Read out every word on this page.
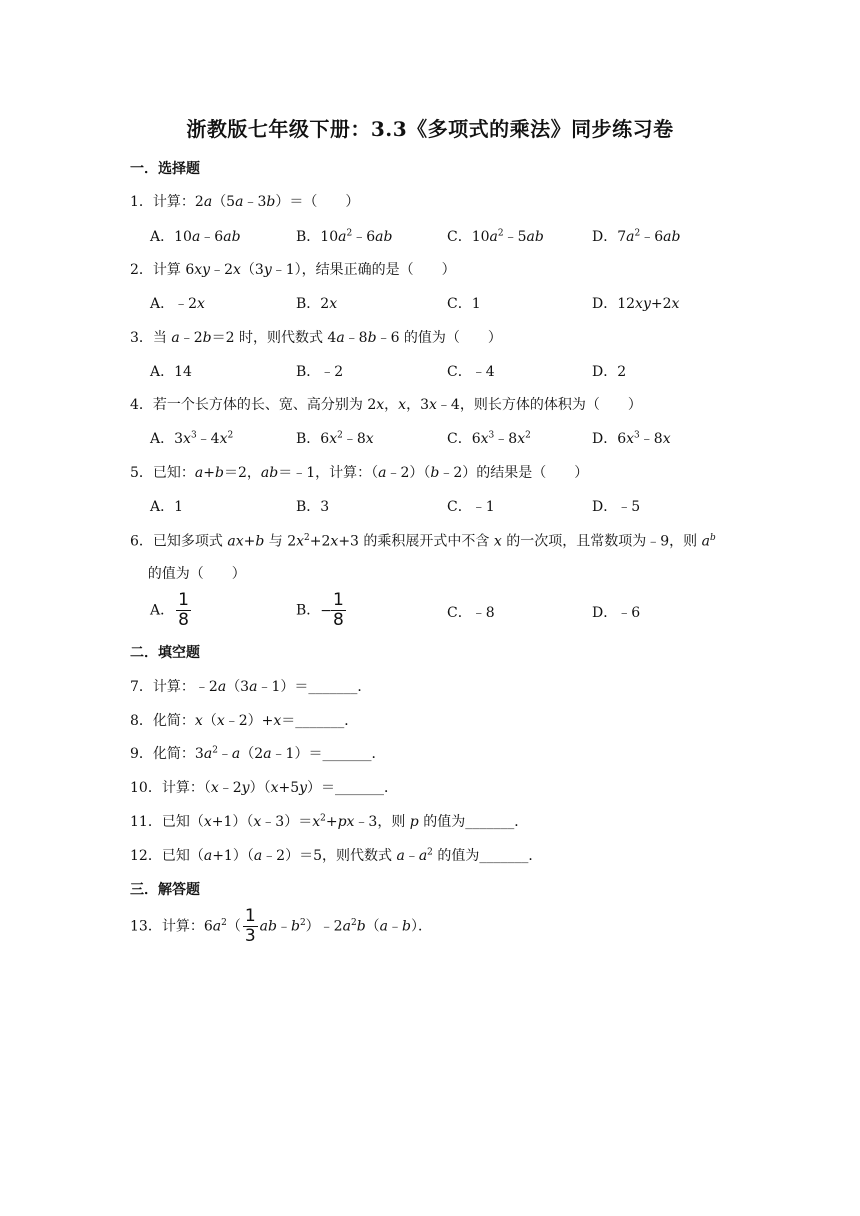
浙教版七年级下册：3.3《多项式的乘法》同步练习卷
一．选择题
1．计算：2a（5a﹣3b）＝（　　）
A．10a﹣6ab	B．$10a^2﹣6ab$	C．$10a^2﹣5ab$	D．$7a^2﹣6ab$
2．计算 6xy﹣2x（3y﹣1），结果正确的是（　　）
A．﹣2x	B．2x	C．1	D．12xy+2x
3．当 a﹣2b＝2 时，则代数式 4a﹣8b﹣6 的值为（　　）
A．14	B．﹣2	C．﹣4	D．2
4．若一个长方体的长、宽、高分别为 2x，x，3x﹣4，则长方体的体积为（　　）
A．$3x^3﹣4x^2$	B．$6x^2﹣8x$	C．$6x^3﹣8x^2$	D．$6x^3﹣8x$
5．已知：a+b＝2，ab＝﹣1，计算：（a﹣2）（b﹣2）的结果是（　　）
A．1	B．3	C．﹣1	D．﹣5
6．已知多项式 ax+b 与 $2x^2+2x+3$ 的乘积展开式中不含 x 的一次项，且常数项为﹣9，则 $a^b$
的值为（　　）
A． $\frac{1}{8}$	B．− $\frac{1}{8}$	C．﹣8	D．﹣6
二．填空题
7．计算：﹣2a（3a﹣1）＝_______．
8．化简：x（x﹣2）+x＝_______．
9．化简：$3a^2﹣a(2a﹣1)=\_\_\_\_\_\_\_$．
10．计算：（x﹣2y）（x+5y）＝_______．
11．已知$(x+1)(x﹣3)=x^2+px﹣3$，则 p 的值为_______．
12．已知（a+1）（a﹣2）＝5，则代数式 $a﹣a^2$ 的值为_______．
三．解答题
13．计算：$6a^2( \frac{1}{3}$ $ab﹣b^2)﹣2a^2b(a﹣b)$．
